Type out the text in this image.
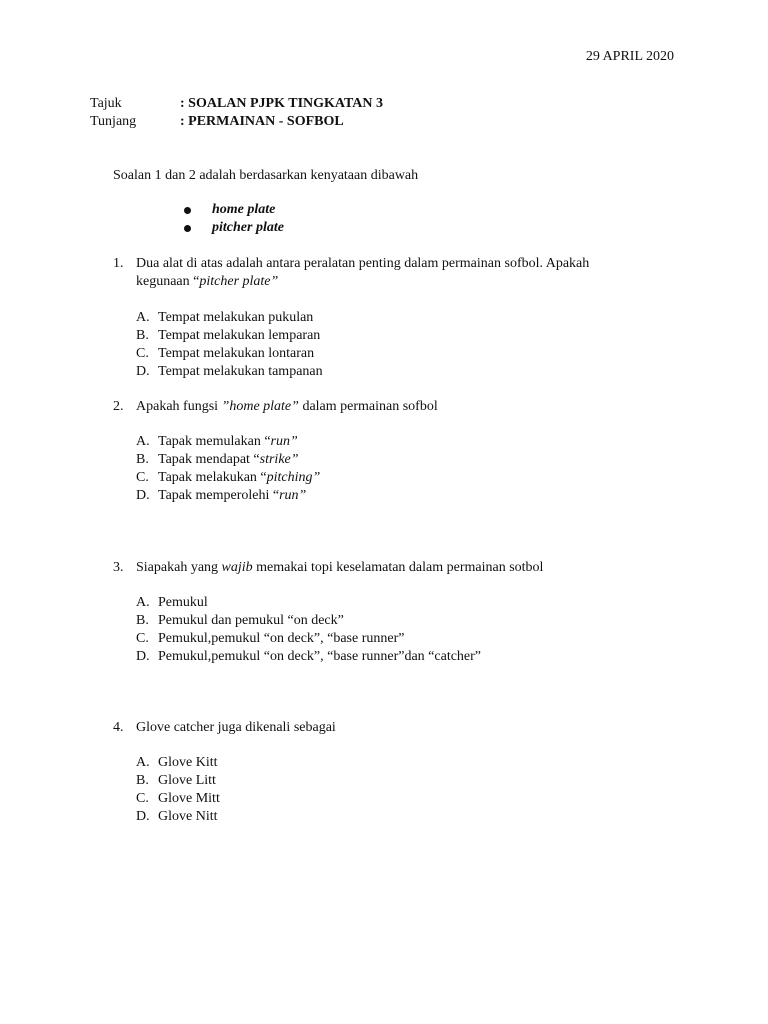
29 APRIL 2020
Tajuk	: SOALAN PJPK TINGKATAN 3
Tunjang	: PERMAINAN - SOFBOL
Soalan 1 dan 2 adalah berdasarkan kenyataan dibawah
home plate
pitcher plate
1. Dua alat di atas adalah antara peralatan penting dalam permainan sofbol. Apakah
kegunaan “pitcher plate”
A. Tempat melakukan pukulan
B. Tempat melakukan lemparan
C. Tempat melakukan lontaran
D. Tempat melakukan tampanan
2. Apakah fungsi ”home plate” dalam permainan sofbol
A. Tapak memulakan “run”
B. Tapak mendapat “strike”
C. Tapak melakukan “pitching”
D. Tapak memperolehi “run”
3. Siapakah yang wajib memakai topi keselamatan dalam permainan sotbol
A. Pemukul
B. Pemukul dan pemukul “on deck”
C. Pemukul,pemukul “on deck”, “base runner”
D. Pemukul,pemukul “on deck”, “base runner”dan “catcher”
4. Glove catcher juga dikenali sebagai
A. Glove Kitt
B. Glove Litt
C. Glove Mitt
D. Glove Nitt
